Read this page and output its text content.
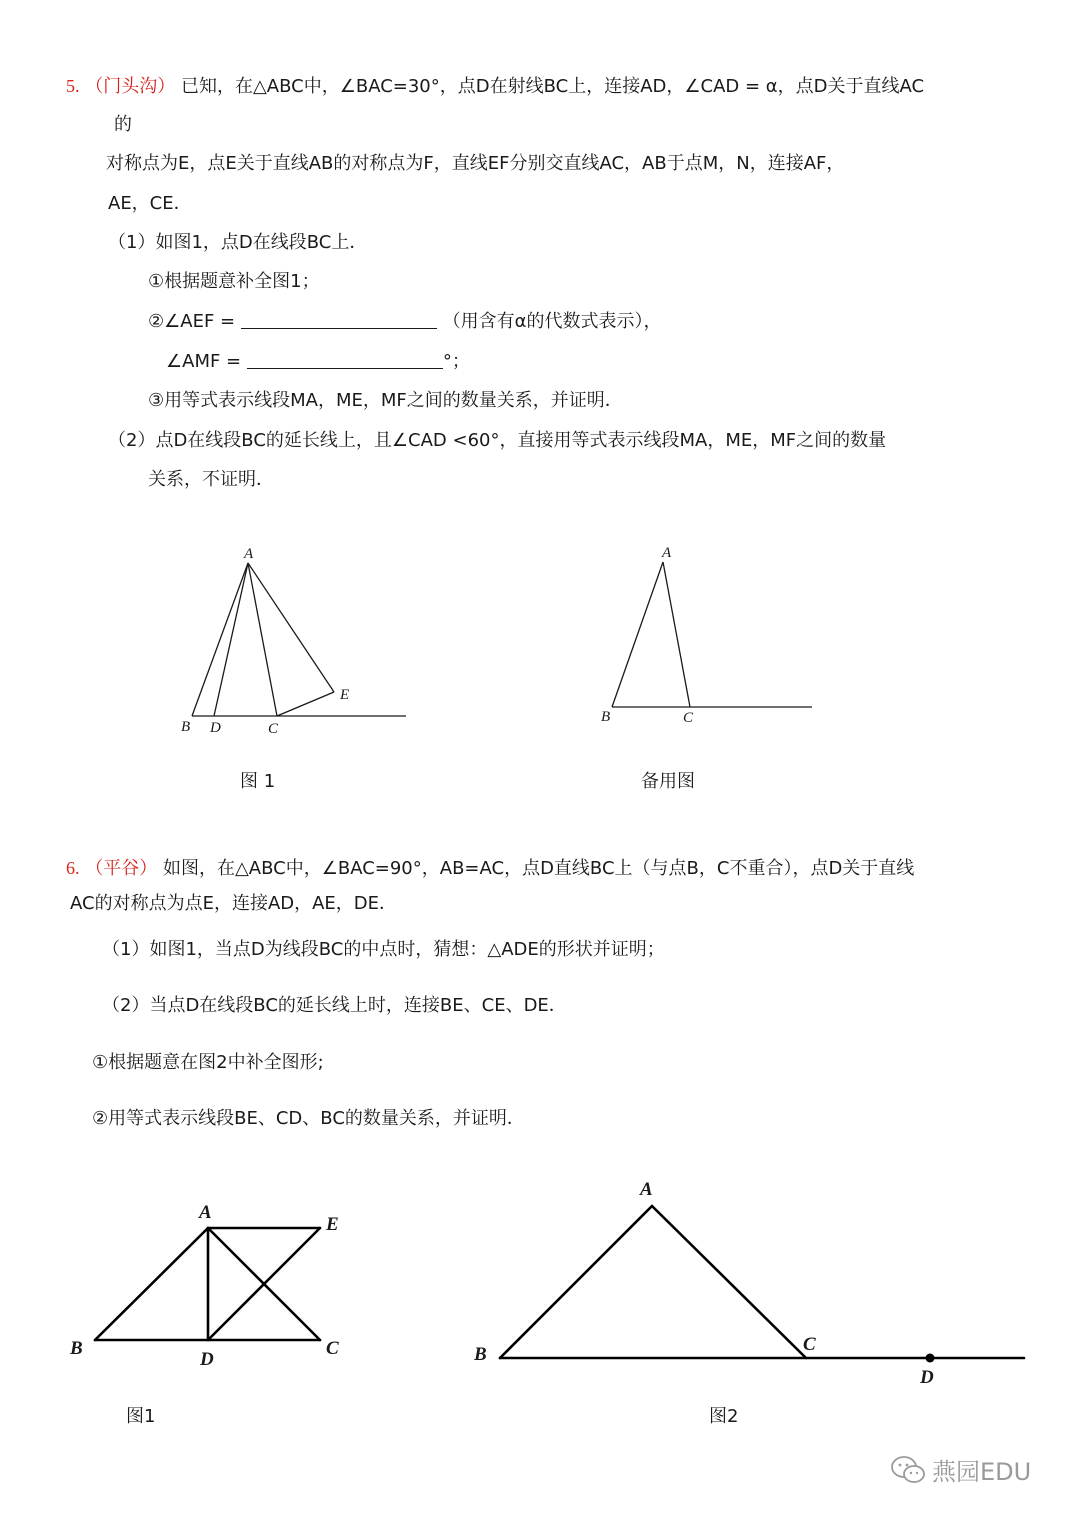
5. （门头沟） 已知，在△ABC中，∠BAC=30°，点D在射线BC上，连接AD，∠CAD = α，点D关于直线AC
的
对称点为E，点E关于直线AB的对称点为F，直线EF分别交直线AC，AB于点M，N，连接AF，
AE，CE．
（1）如图1，点D在线段BC上．
①根据题意补全图1；
②∠AEF =	（用含有α的代数式表示），
∠AMF =	°；
③用等式表示线段MA，ME，MF之间的数量关系，并证明．
（2）点D在线段BC的延长线上，且∠CAD <60°，直接用等式表示线段MA，ME，MF之间的数量
关系，不证明．
A
B D	C
E
A
B	C
图 1	备用图
6. （平谷） 如图，在△ABC中，∠BAC=90°，AB=AC，点D直线BC上（与点B，C不重合），点D关于直线
AC的对称点为点E，连接AD，AE，DE．
（1）如图1，当点D为线段BC的中点时，猜想：△ADE的形状并证明；
（2）当点D在线段BC的延长线上时，连接BE、CE、DE．
①根据题意在图2中补全图形;
②用等式表示线段BE、CD、BC的数量关系，并证明．
A
E
B
D
C
A
B	C
D
图1	图2
燕园EDU
